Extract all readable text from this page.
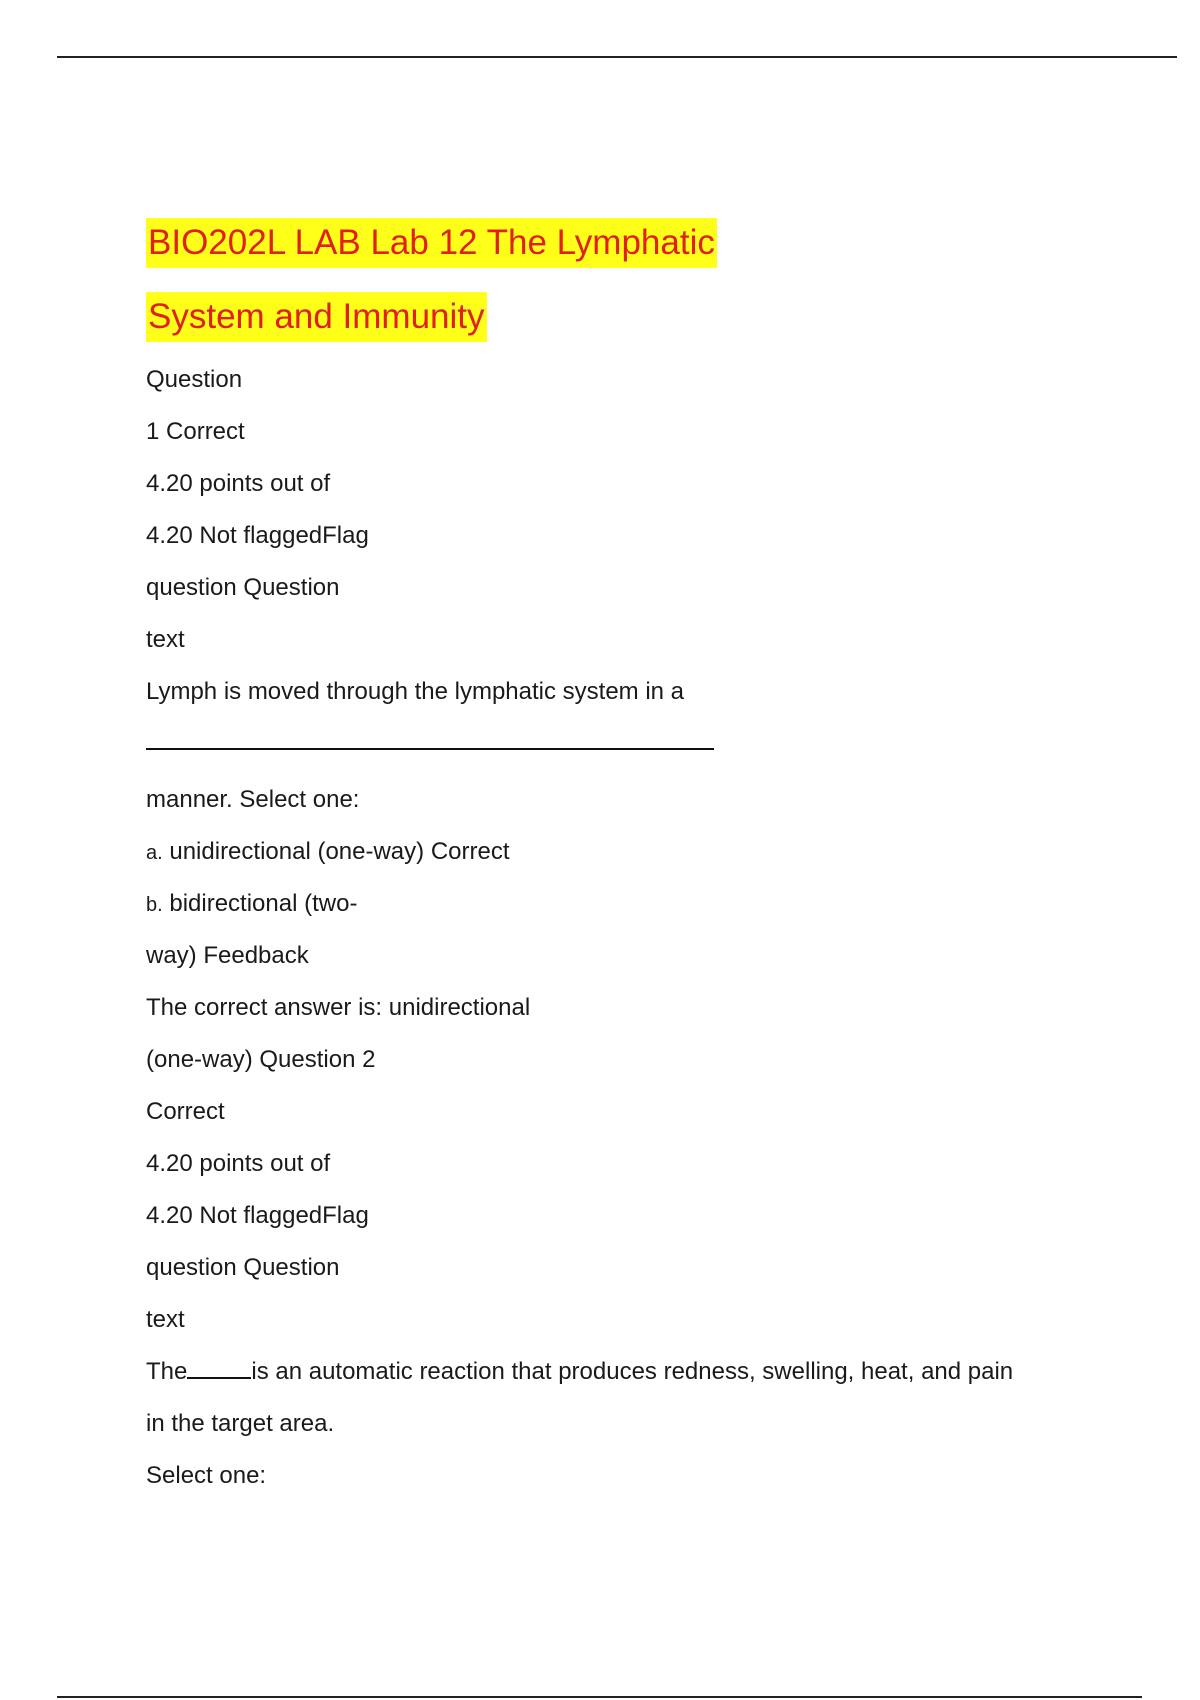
BIO202L LAB Lab 12 The Lymphatic
System and Immunity
Question
1 Correct
4.20 points out of
4.20 Not flaggedFlag
question Question
text
Lymph is moved through the lymphatic system in a
manner. Select one:
a. unidirectional (one-way) Correct
b. bidirectional (two-
way) Feedback
The correct answer is: unidirectional
(one-way) Question 2
Correct
4.20 points out of
4.20 Not flaggedFlag
question Question
text
The	is an automatic reaction that produces redness, swelling, heat, and pain
in the target area.
Select one:
